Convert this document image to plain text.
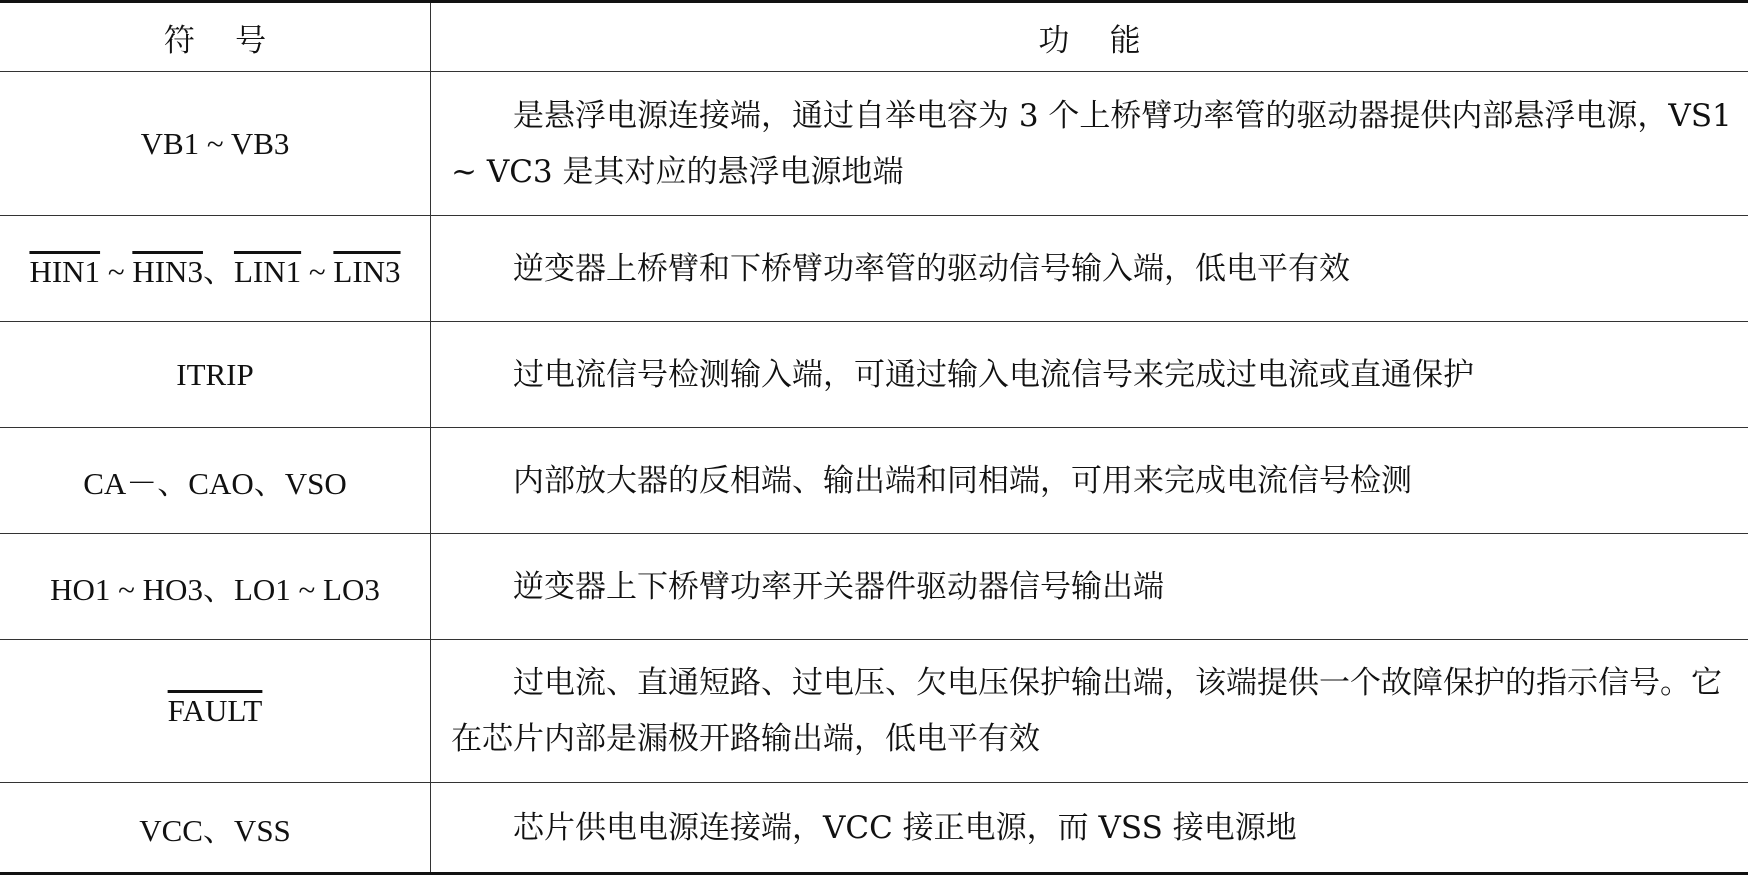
符号	功能
VB1 ~ VB3	是悬浮电源连接端，通过自举电容为 3 个上桥臂功率管的驱动器提供内部悬浮电源，VS1 ~ VC3 是其对应的悬浮电源地端

HIN1 ~ HIN3、LIN1 ~ LIN3	逆变器上桥臂和下桥臂功率管的驱动信号输入端，低电平有效

ITRIP	过电流信号检测输入端，可通过输入电流信号来完成过电流或直通保护

CA－、CAO、VSO	内部放大器的反相端、输出端和同相端，可用来完成电流信号检测

HO1 ~ HO3、LO1 ~ LO3	逆变器上下桥臂功率开关器件驱动器信号输出端

FAULT	过电流、直通短路、过电压、欠电压保护输出端，该端提供一个故障保护的指示信号。它在芯片内部是漏极开路输出端，低电平有效

VCC、VSS	芯片供电电源连接端，VCC 接正电源，而 VSS 接电源地
